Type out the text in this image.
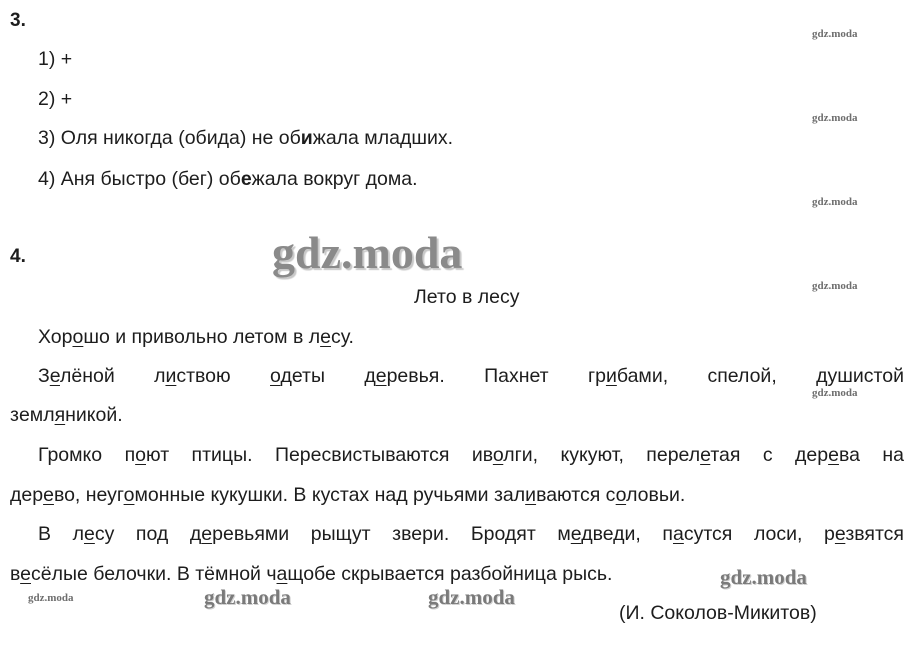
3.
1) +
2) +
3) Оля никогда (обида) не обижала младших.
4) Аня быстро (бег) обежала вокруг дома.
4.
Лето в лесу
Хорошо и привольно летом в лесу.
Зелёной листвою одеты деревья. Пахнет грибами, спелой, душистой
зeмляникой.
Громко поют птицы. Пересвистываются иволги, кукуют, перелетая с дерева на
дерево, неугомонные кукушки. В кустах над ручьями заливаются соловьи.
В лесу под деревьями рыщут звери. Бродят медведи, пасутся лоси, резвятся
весёлые белочки. В тёмной чащобе скрывается разбойница рысь.
(И. Соколов-Микитов)
gdz.moda
gdz.moda
gdz.moda
gdz.moda
gdz.moda
gdz.moda
gdz.moda
gdz.moda
gdz.moda	gdz.moda
